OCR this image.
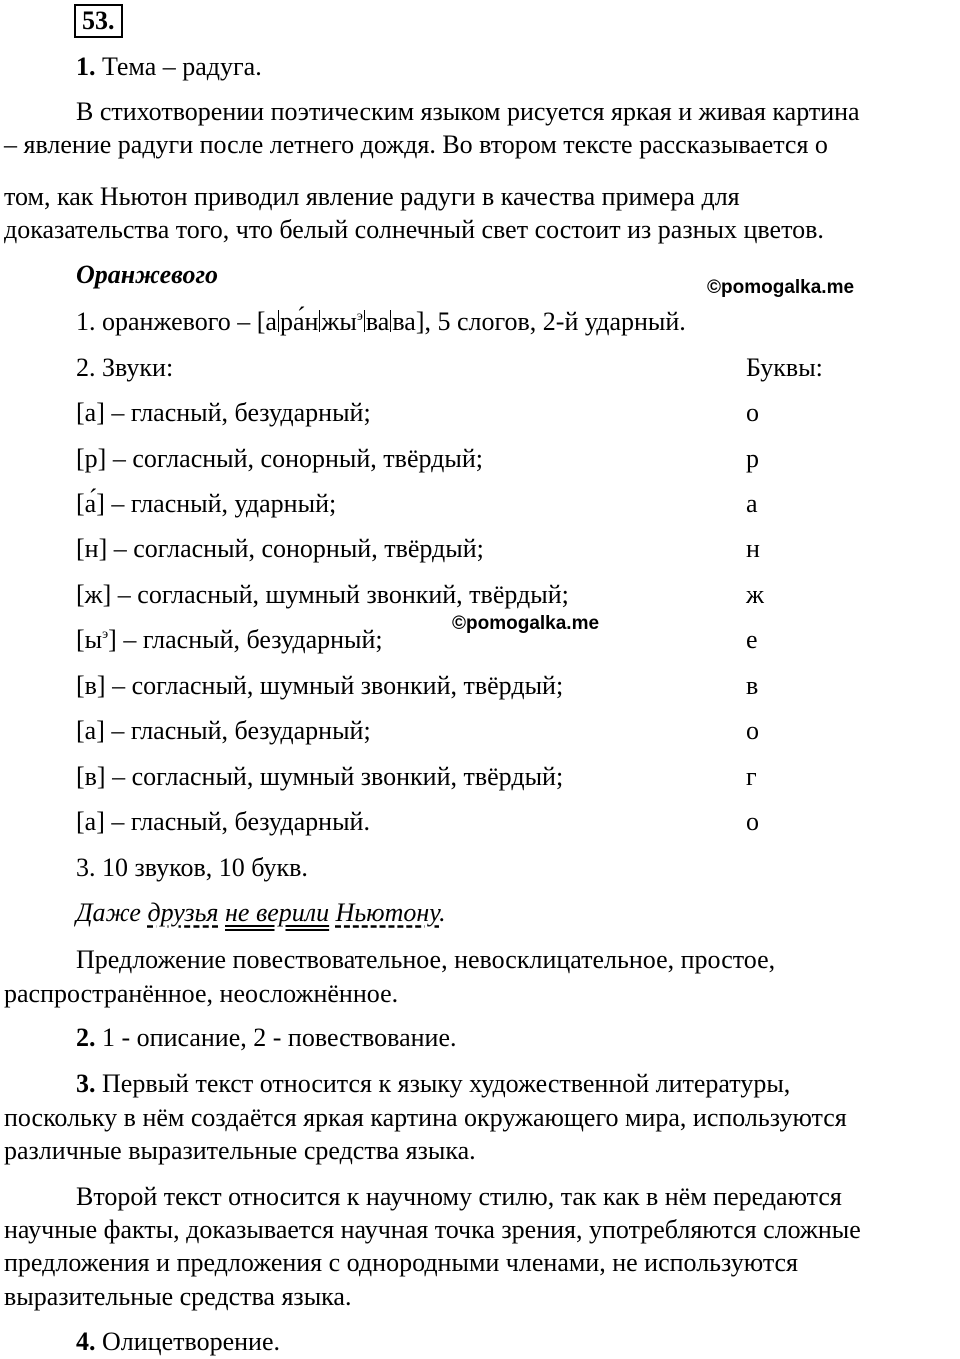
53.
1. Тема – радуга.
В стихотворении поэтическим языком рисуется яркая и живая картина
– явление радуги после летнего дождя. Во втором тексте рассказывается о
том, как Ньютон приводил явление радуги в качества примера для
доказательства того, что белый солнечный свет состоит из разных цветов.
Оранжевого	©pomogalka.me
1. оранжевого – [а ра́н $жы^э$ ва ва], 5 слогов, 2-й ударный.
2. Звуки:	Буквы:
[а] – гласный, безударный;	о
[р] – согласный, сонорный, твёрдый;	р
[а́] – гласный, ударный;	а
[н] – согласный, сонорный, твёрдый;	н
[ж] – согласный, шумный звонкий, твёрдый;	ж
©pomogalka.me
$[ы^э]$ – гласный, безударный;	е
[в] – согласный, шумный звонкий, твёрдый;	в
[а] – гласный, безударный;	о
[в] – согласный, шумный звонкий, твёрдый;	г
[а] – гласный, безударный.	о
3. 10 звуков, 10 букв.
Даже друзья не верили Ньютону.
Предложение повествовательное, невосклицательное, простое,
распространённое, неосложнённое.
2. 1 - описание, 2 - повествование.
3. Первый текст относится к языку художественной литературы,
поскольку в нём создаётся яркая картина окружающего мира, используются
различные выразительные средства языка.
Второй текст относится к научному стилю, так как в нём передаются
научные факты, доказывается научная точка зрения, употребляются сложные
предложения и предложения с однородными членами, не используются
выразительные средства языка.
4. Олицетворение.
